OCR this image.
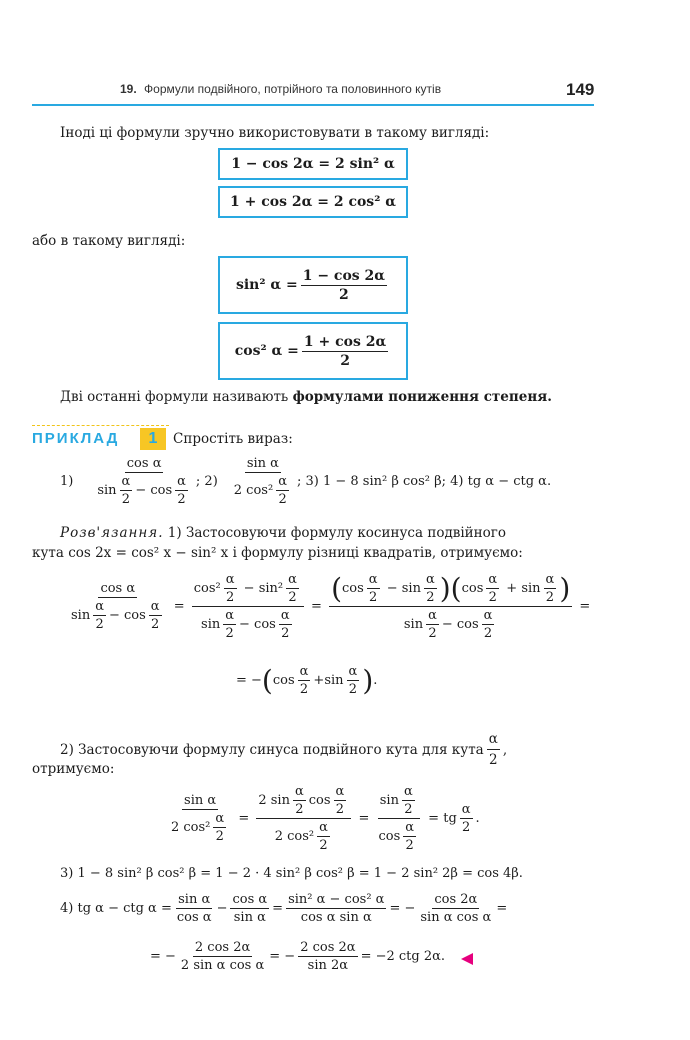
19. Формули подвійного, потрійного та половинного кутів	149
Іноді ці формули зручно використовувати в такому вигляді:
1 − cos 2α = 2 sin² α
1 + cos 2α = 2 cos² α
або в такому вигляді:
sin² $\alpha = \frac{1 - \cos 2\alpha}{2}$
cos² $\alpha = \frac{1 + \cos 2\alpha}{2}$
Дві останні формули називають формулами пониження степеня.
ПРИКЛАД	1	Спростіть вираз:
$1) \frac{\text{cos α}}{\sin \frac{\alpha}{2} - \cos \frac{\alpha}{2}}$ ; $2) \frac{\text{sin α}}{2 \cos^2 \frac{\alpha}{2}}$ ; 3) 1 − 8 sin² β cos² β; 4) tg α − ctg α.
Розв'язання. 1) Застосовуючи формулу косинуса подвійного
кута cos 2x = cos² x − sin² x і формулу різниці квадратів, отримуємо:
$\frac{\text{cos α}}{\sin \frac{\alpha}{2} - \cos \frac{\alpha}{2}} = \frac{\cos^2 \frac{\alpha}{2} - \sin^2 \frac{\alpha}{2}}{\sin \frac{\alpha}{2} - \cos \frac{\alpha}{2}}$ =
( $\cos \frac{\alpha}{2} - \sin \frac{\alpha}{2}$ )( $\cos \frac{\alpha}{2} + \sin \frac{\alpha}{2}$ )
$\sin \frac{\alpha}{2} - \cos \frac{\alpha}{2}$
=
= − ( $\cos \frac{\alpha}{2} + \sin \frac{\alpha}{2}$ ) .
2) Застосовуючи формулу синуса подвійного кута для кута $\frac{\alpha}{2}$ ,
отримуємо:
$\frac{\text{sin α}}{2 \cos^2 \frac{\alpha}{2}} = \frac{2 \sin \frac{\alpha}{2} \cos \frac{\alpha}{2}}{2 \cos^2 \frac{\alpha}{2}} = \frac{\sin \frac{\alpha}{2}}{\cos \frac{\alpha}{2}}$ = tg $\frac{\alpha}{2}$ .
3) 1 − 8 sin² β cos² β = 1 − 2 · 4 sin² β cos² β = 1 − 2 sin² 2β = cos 4β.
4) tg α − ctg $\alpha = \frac{\text{sin α}}{\text{cos α}} - \frac{\text{cos α}}{\text{sin α}} = \frac{\text{sin² α − cos² α}}{\text{cos α sin α}}$ = − $\frac{\cos 2\alpha}{\text{sin α cos α}}$ =
= − $\frac{2 \cos 2\alpha}{\text{2 sin α cos α}}$ = − $\frac{2 \cos 2\alpha}{\sin 2\alpha} = -2$ ctg 2α.
